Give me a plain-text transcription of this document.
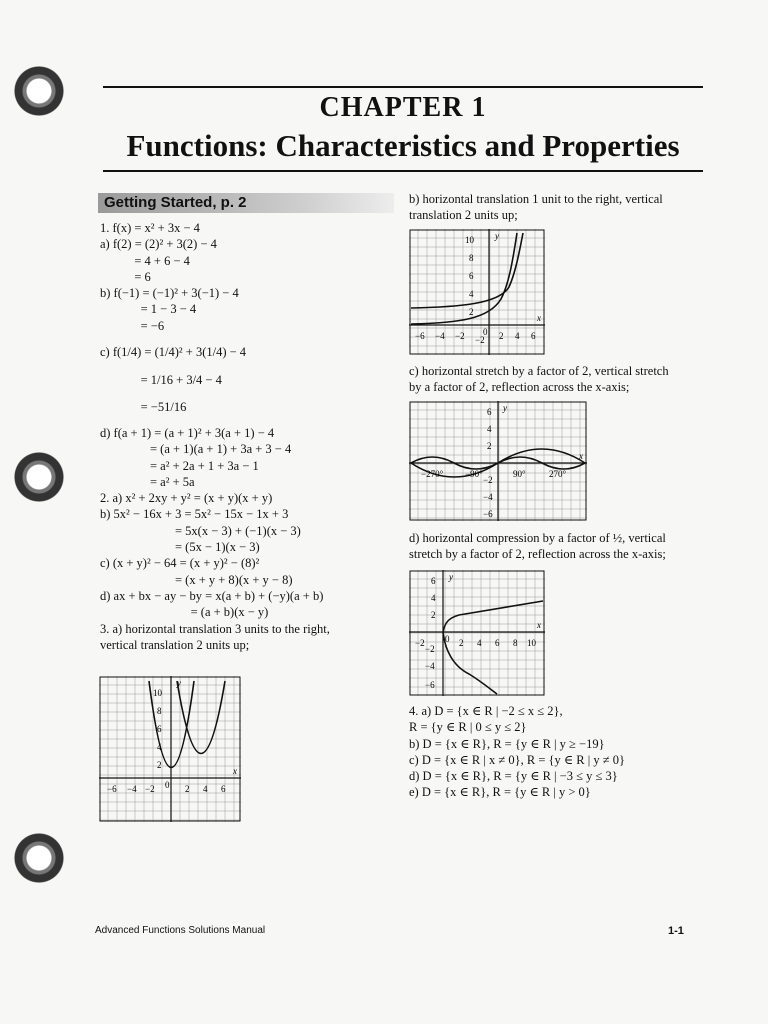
CHAPTER 1
Functions: Characteristics and Properties
Getting Started, p. 2
1. f(x) = x² + 3x − 4
a) f(2) = (2)² + 3(2) − 4
= 4 + 6 − 4
= 6
b) f(−1) = (−1)² + 3(−1) − 4
= 1 − 3 − 4
= −6
c) f(1/4) = (1/4)² + 3(1/4) − 4
= 1/16 + 3/4 − 4
= −51/16
d) f(a + 1) = (a + 1)² + 3(a + 1) − 4
= (a + 1)(a + 1) + 3a + 3 − 4
= a² + 2a + 1 + 3a − 1
= a² + 5a
2. a) x² + 2xy + y² = (x + y)(x + y)
b) 5x² − 16x + 3 = 5x² − 15x − 1x + 3
= 5x(x − 3) + (−1)(x − 3)
= (5x − 1)(x − 3)
c) (x + y)² − 64 = (x + y)² − (8)²
= (x + y + 8)(x + y − 8)
d) ax + bx − ay − by = x(a + b) + (−y)(a + b)
= (a + b)(x − y)
3. a) horizontal translation 3 units to the right,
vertical translation 2 units up;
10
8
6
4
2
−6 −4 −2 0 2 4 6
y
x
b) horizontal translation 1 unit to the right, vertical
translation 2 units up;
10
8
6
4
2
−2
−6 −4 −2 0 2 4 6
y
x
c) horizontal stretch by a factor of 2, vertical stretch
by a factor of 2, reflection across the x-axis;
6
4
2
−2
−4
−6
−270° −90°	90°	270°
y
x
d) horizontal compression by a factor of ½, vertical
stretch by a factor of 2, reflection across the x-axis;
6
4
2
−2
−4
−6
−2 0 2 4 6 8 10
y
x
4. a) D = {x ∈ R | −2 ≤ x ≤ 2},
R = {y ∈ R | 0 ≤ y ≤ 2}
b) D = {x ∈ R}, R = {y ∈ R | y ≥ −19}
c) D = {x ∈ R | x ≠ 0}, R = {y ∈ R | y ≠ 0}
d) D = {x ∈ R}, R = {y ∈ R | −3 ≤ y ≤ 3}
e) D = {x ∈ R}, R = {y ∈ R | y > 0}
Advanced Functions Solutions Manual	1-1
